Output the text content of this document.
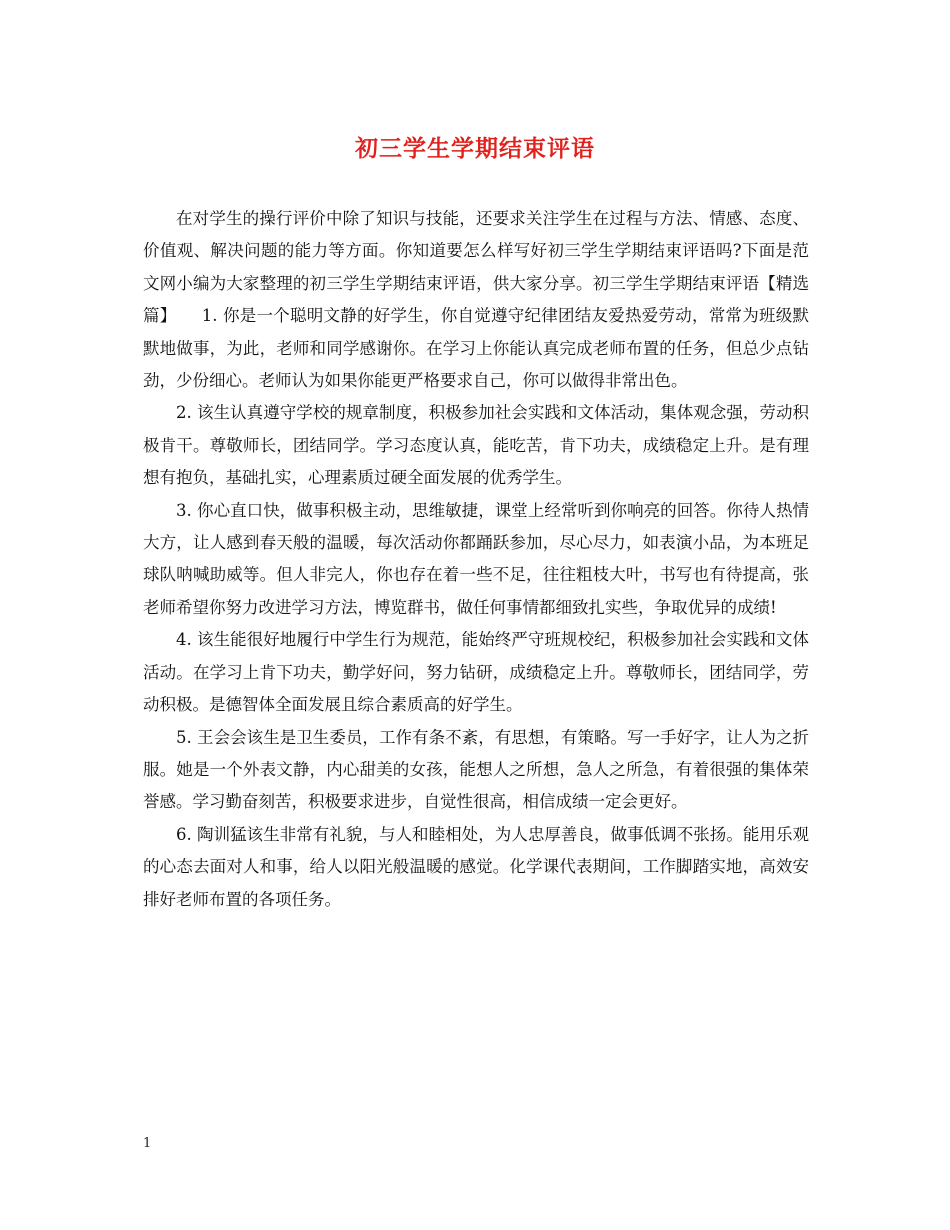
初三学生学期结束评语

在对学生的操行评价中除了知识与技能，还要求关注学生在过程与方法、情感、态度、价值观、解决问题的能力等方面。你知道要怎么样写好初三学生学期结束评语吗?下面是范文网小编为大家整理的初三学生学期结束评语，供大家分享。初三学生学期结束评语【精选篇】　　1. 你是一个聪明文静的好学生，你自觉遵守纪律团结友爱热爱劳动，常常为班级默默地做事，为此，老师和同学感谢你。在学习上你能认真完成老师布置的任务，但总少点钻劲，少份细心。老师认为如果你能更严格要求自己，你可以做得非常出色。

2. 该生认真遵守学校的规章制度，积极参加社会实践和文体活动，集体观念强，劳动积极肯干。尊敬师长，团结同学。学习态度认真，能吃苦，肯下功夫，成绩稳定上升。是有理想有抱负，基础扎实，心理素质过硬全面发展的优秀学生。

3. 你心直口快，做事积极主动，思维敏捷，课堂上经常听到你响亮的回答。你待人热情大方，让人感到春天般的温暖，每次活动你都踊跃参加，尽心尽力，如表演小品，为本班足球队呐喊助威等。但人非完人，你也存在着一些不足，往往粗枝大叶，书写也有待提高，张老师希望你努力改进学习方法，博览群书，做任何事情都细致扎实些，争取优异的成绩!

4. 该生能很好地履行中学生行为规范，能始终严守班规校纪，积极参加社会实践和文体活动。在学习上肯下功夫，勤学好问，努力钻研，成绩稳定上升。尊敬师长，团结同学，劳动积极。是德智体全面发展且综合素质高的好学生。

5. 王会会该生是卫生委员，工作有条不紊，有思想，有策略。写一手好字，让人为之折服。她是一个外表文静，内心甜美的女孩，能想人之所想，急人之所急，有着很强的集体荣誉感。学习勤奋刻苦，积极要求进步，自觉性很高，相信成绩一定会更好。

6. 陶训猛该生非常有礼貌，与人和睦相处，为人忠厚善良，做事低调不张扬。能用乐观的心态去面对人和事，给人以阳光般温暖的感觉。化学课代表期间，工作脚踏实地，高效安排好老师布置的各项任务。

1
